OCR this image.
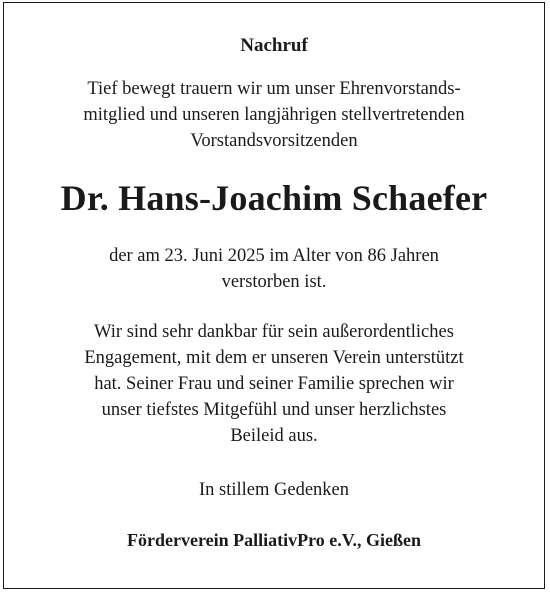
Nachruf
Tief bewegt trauern wir um unser Ehrenvorstands-
mitglied und unseren langjährigen stellvertretenden
Vorstandsvorsitzenden
Dr. Hans-Joachim Schaefer
der am 23. Juni 2025 im Alter von 86 Jahren
verstorben ist.
Wir sind sehr dankbar für sein außerordentliches
Engagement, mit dem er unseren Verein unterstützt
hat. Seiner Frau und seiner Familie sprechen wir
unser tiefstes Mitgefühl und unser herzlichstes
Beileid aus.
In stillem Gedenken
Förderverein PalliativPro e.V., Gießen
